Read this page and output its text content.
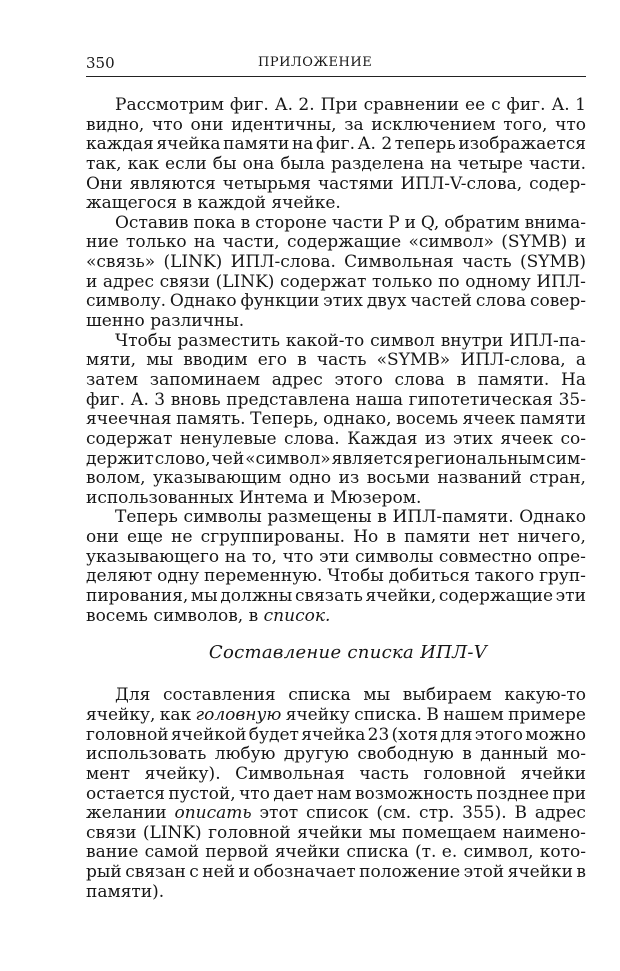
350	ПРИЛОЖЕНИЕ
Рассмотрим фиг. А. 2. При сравнении ее с фиг. А. 1
видно, что они идентичны, за исключением того, что
каждая ячейка памяти на фиг. А. 2 теперь изображается
так, как если бы она была разделена на четыре части.
Они являются четырьмя частями ИПЛ-V-слова, содер-
жащегося в каждой ячейке.
Оставив пока в стороне части P и Q, обратим внима-
ние только на части, содержащие «символ» (SYMB) и
«связь» (LINK) ИПЛ-слова. Символьная часть (SYMB)
и адрес связи (LINK) содержат только по одному ИПЛ-
символу. Однако функции этих двух частей слова совер-
шенно различны.
Чтобы разместить какой-то символ внутри ИПЛ-па-
мяти, мы вводим его в часть «SYMB» ИПЛ-слова, а
затем запоминаем адрес этого слова в памяти. На
фиг. А. 3 вновь представлена наша гипотетическая 35-
ячеечная память. Теперь, однако, восемь ячеек памяти
содержат ненулевые слова. Каждая из этих ячеек со-
держит слово, чей «символ» является региональным сим-
волом, указывающим одно из восьми названий стран,
использованных Интема и Мюзером.
Теперь символы размещены в ИПЛ-памяти. Однако
они еще не сгруппированы. Но в памяти нет ничего,
указывающего на то, что эти символы совместно опре-
деляют одну переменную. Чтобы добиться такого груп-
пирования, мы должны связать ячейки, содержащие эти
восемь символов, в список.
Составление списка ИПЛ-V
Для составления списка мы выбираем какую-то
ячейку, как головную ячейку списка. В нашем примере
головной ячейкой будет ячейка 23 (хотя для этого можно
использовать любую другую свободную в данный мо-
мент ячейку). Символьная часть головной ячейки
остается пустой, что дает нам возможность позднее при
желании описать этот список (см. стр. 355). В адрес
связи (LINK) головной ячейки мы помещаем наимено-
вание самой первой ячейки списка (т. е. символ, кото-
рый связан с ней и обозначает положение этой ячейки в
памяти).
